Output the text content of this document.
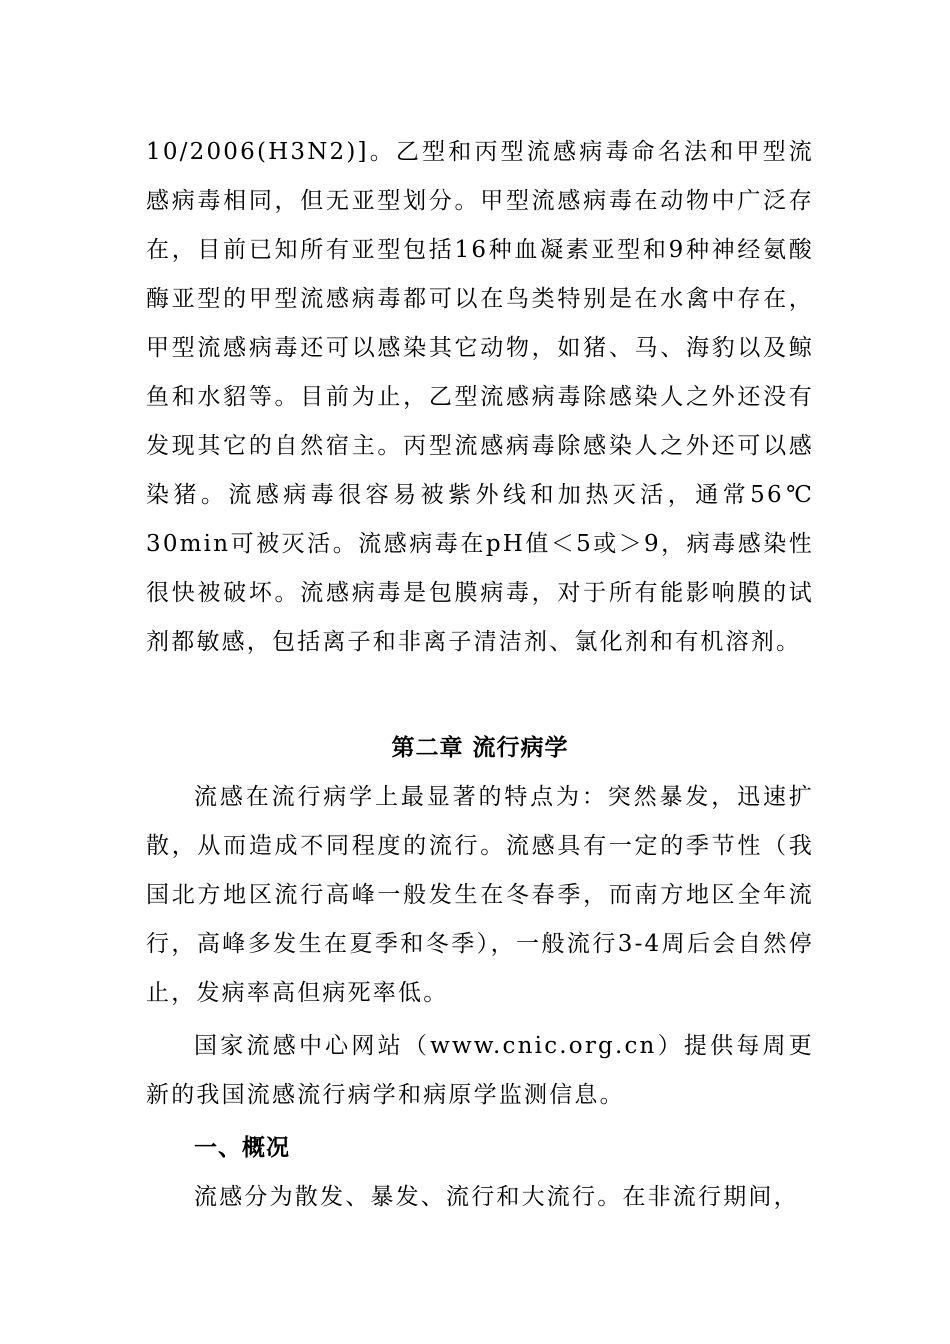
10/2006(H3N2)]。乙型和丙型流感病毒命名法和甲型流感病毒相同，但无亚型划分。甲型流感病毒在动物中广泛存在，目前已知所有亚型包括16种血凝素亚型和9种神经氨酸酶亚型的甲型流感病毒都可以在鸟类特别是在水禽中存在，甲型流感病毒还可以感染其它动物，如猪、马、海豹以及鲸鱼和水貂等。目前为止，乙型流感病毒除感染人之外还没有发现其它的自然宿主。丙型流感病毒除感染人之外还可以感染猪。流感病毒很容易被紫外线和加热灭活，通常56℃ 30min可被灭活。流感病毒在pH值＜5或＞9，病毒感染性很快被破坏。流感病毒是包膜病毒，对于所有能影响膜的试剂都敏感，包括离子和非离子清洁剂、氯化剂和有机溶剂。

第二章 流行病学

流感在流行病学上最显著的特点为：突然暴发，迅速扩散，从而造成不同程度的流行。流感具有一定的季节性（我国北方地区流行高峰一般发生在冬春季，而南方地区全年流行，高峰多发生在夏季和冬季），一般流行3-4周后会自然停止，发病率高但病死率低。

国家流感中心网站（www.cnic.org.cn）提供每周更新的我国流感流行病学和病原学监测信息。

一、概况

流感分为散发、暴发、流行和大流行。在非流行期间，
